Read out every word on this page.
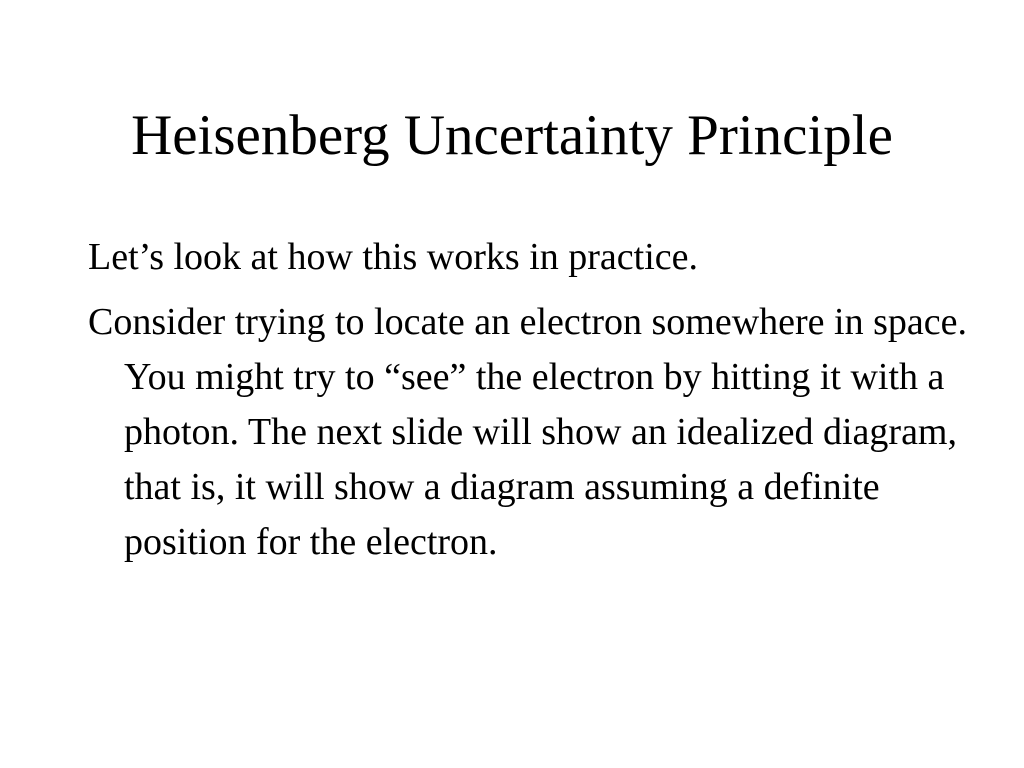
Heisenberg Uncertainty Principle
Let’s look at how this works in practice.
Consider trying to locate an electron somewhere in space. You might try to “see” the electron by hitting it with a photon. The next slide will show an idealized diagram, that is, it will show a diagram assuming a definite position for the electron.
